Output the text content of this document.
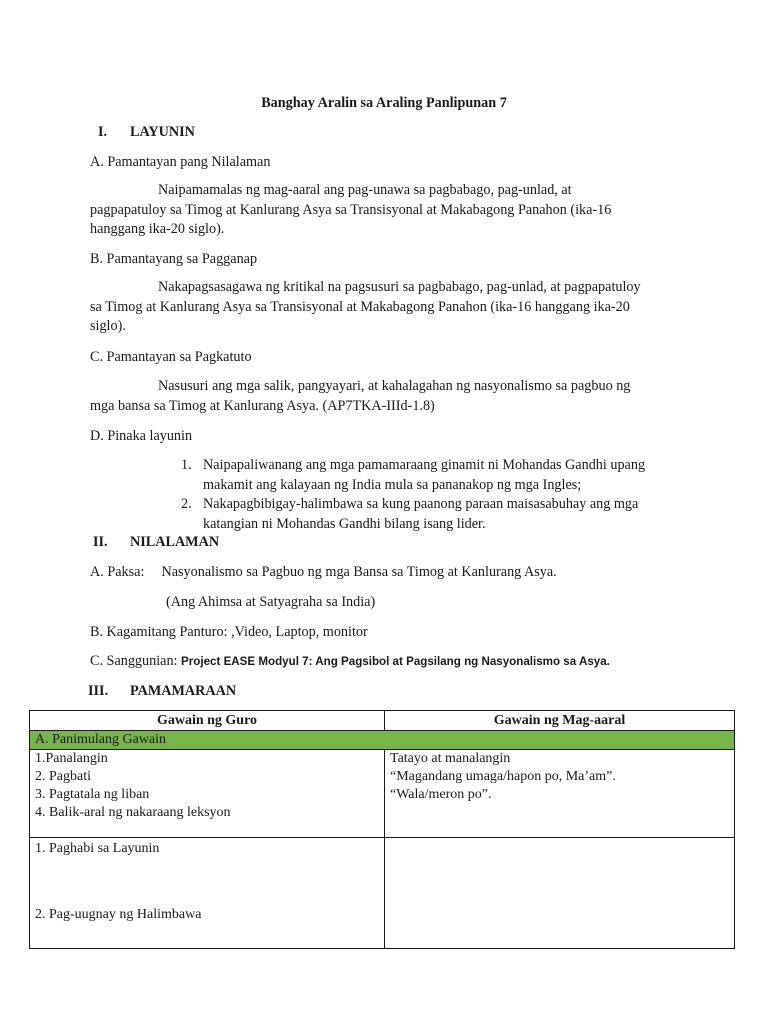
Banghay Aralin sa Araling Panlipunan 7
I. LAYUNIN
A. Pamantayan pang Nilalaman
Naipamamalas ng mag-aaral ang pag-unawa sa pagbabago, pag-unlad, at
pagpapatuloy sa Timog at Kanlurang Asya sa Transisyonal at Makabagong Panahon (ika-16
hanggang ika-20 siglo).
B. Pamantayang sa Pagganap
Nakapagsasagawa ng kritikal na pagsusuri sa pagbabago, pag-unlad, at pagpapatuloy
sa Timog at Kanlurang Asya sa Transisyonal at Makabagong Panahon (ika-16 hanggang ika-20
siglo).
C. Pamantayan sa Pagkatuto
Nasusuri ang mga salik, pangyayari, at kahalagahan ng nasyonalismo sa pagbuo ng
mga bansa sa Timog at Kanlurang Asya. (AP7TKA-IIId-1.8)
D. Pinaka layunin
1. Naipapaliwanang ang mga pamamaraang ginamit ni Mohandas Gandhi upang
makamit ang kalayaan ng India mula sa pananakop ng mga Ingles;
2. Nakapagbibigay-halimbawa sa kung paanong paraan maisasabuhay ang mga
katangian ni Mohandas Gandhi bilang isang lider.
II. NILALAMAN
A. Paksa: Nasyonalismo sa Pagbuo ng mga Bansa sa Timog at Kanlurang Asya.
(Ang Ahimsa at Satyagraha sa India)
B. Kagamitang Panturo: ,Video, Laptop, monitor
C. Sanggunian: Project EASE Modyul 7: Ang Pagsibol at Pagsilang ng Nasyonalismo sa Asya.
III. PAMAMARAAN
Gawain ng Guro	Gawain ng Mag-aaral
A. Panimulang Gawain	

1.Panalangin
2. Pagbati
3. Pagtatala ng liban
4. Balik-aral ng nakaraang leksyon	Tatayo at manalangin
“Magandang umaga/hapon po, Ma’am”.
“Wala/meron po”.

1. Paghabi sa Layunin
2. Pag-uugnay ng Halimbawa	
